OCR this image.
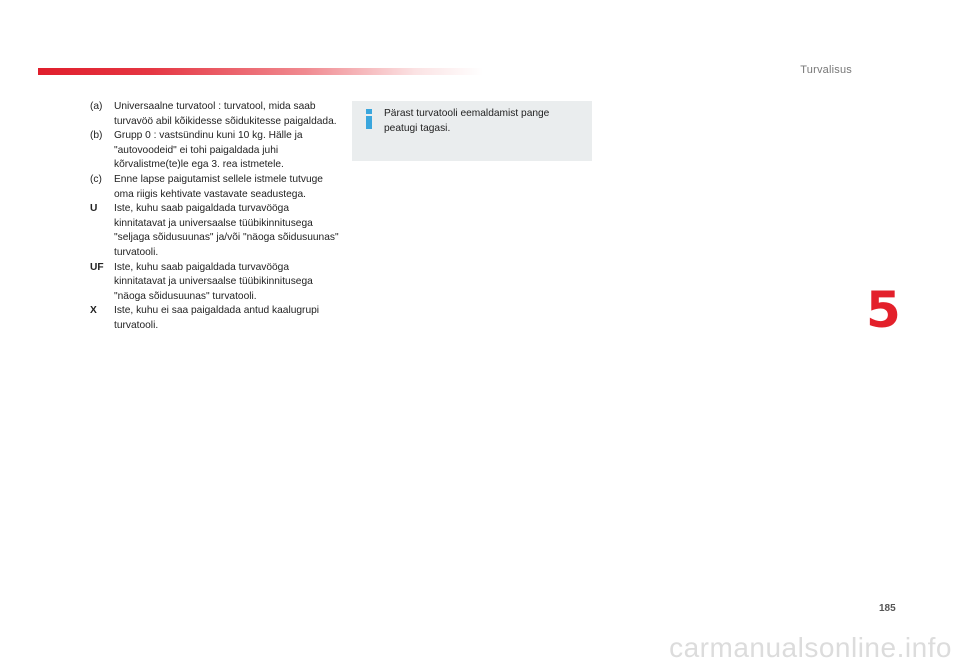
Turvalisus
(a)	Universaalne turvatool : turvatool, mida saab turvavöö abil kõikidesse sõidukitesse paigaldada.
(b)	Grupp 0 : vastsündinu kuni 10 kg. Hälle ja "autovoodeid" ei tohi paigaldada juhi kõrvalistme(te)le ega 3. rea istmetele.
(c)	Enne lapse paigutamist sellele istmele tutvuge oma riigis kehtivate vastavate seadustega.
U	Iste, kuhu saab paigaldada turvavööga kinnitatavat ja universaalse tüübikinnitusega "seljaga sõidusuunas" ja/või "näoga sõidusuunas" turvatooli.
UF	Iste, kuhu saab paigaldada turvavööga kinnitatavat ja universaalse tüübikinnitusega "näoga sõidusuunas" turvatooli.
X	Iste, kuhu ei saa paigaldada antud kaalugrupi turvatooli.
Pärast turvatooli eemaldamist pange peatugi tagasi.
5
185
carmanualsonline.info
